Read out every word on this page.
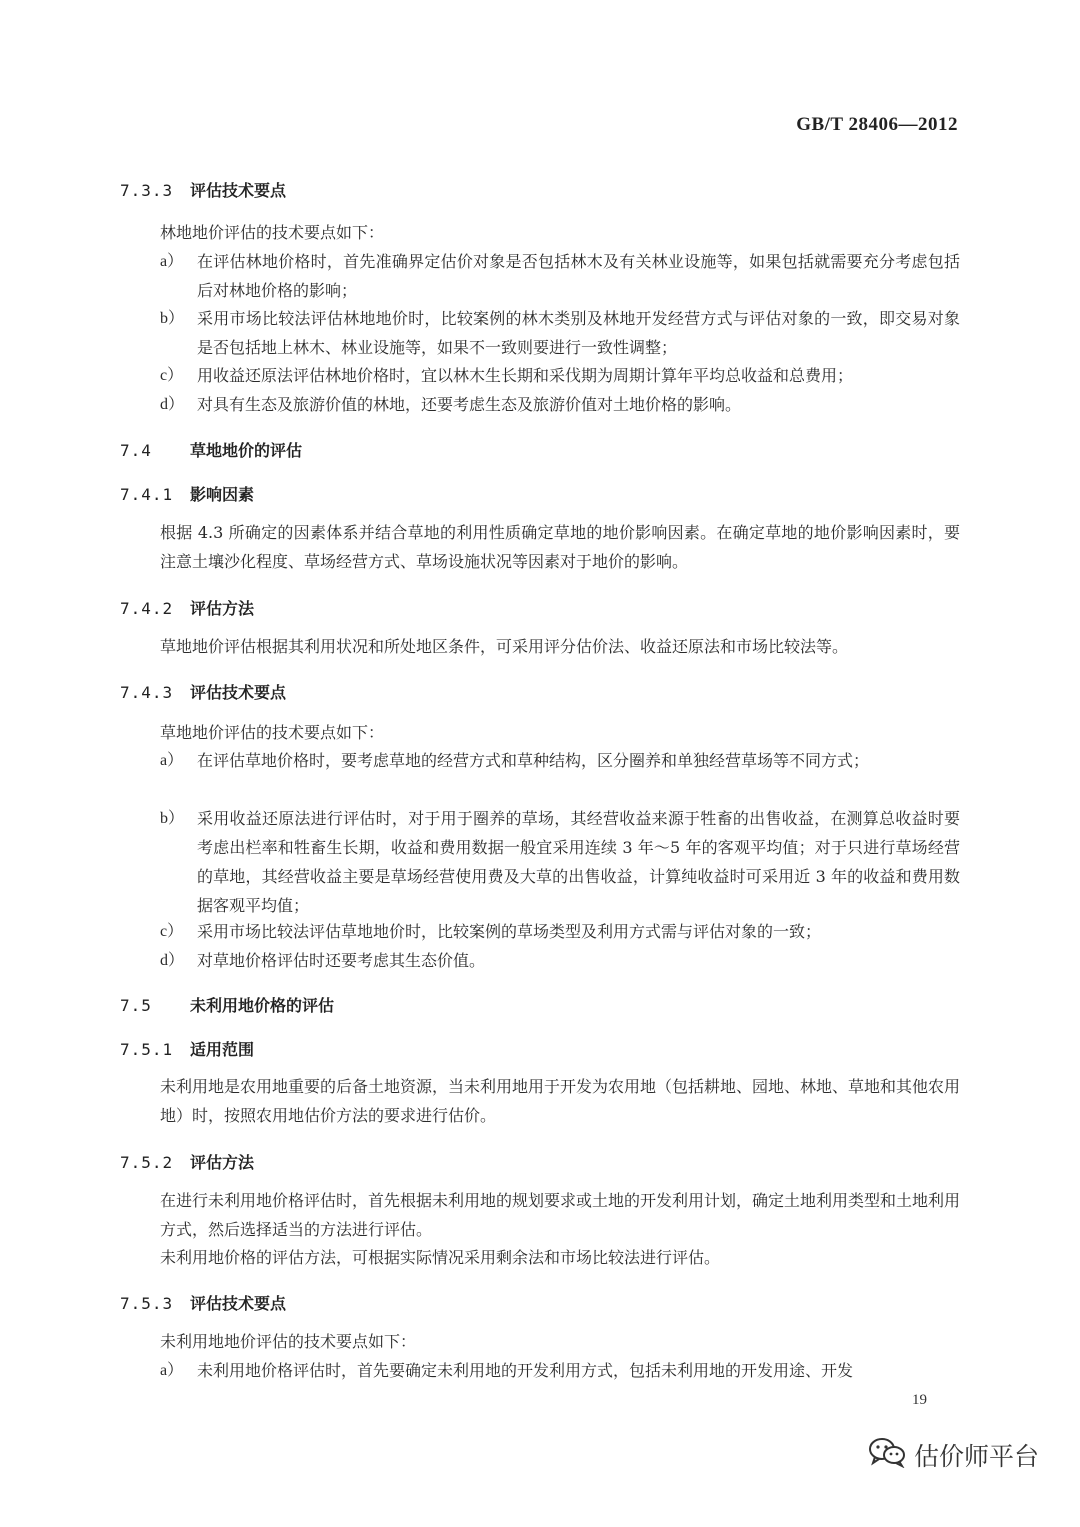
GB/T 28406—2012
7.3.3 评估技术要点
林地地价评估的技术要点如下：
a） 在评估林地价格时，首先准确界定估价对象是否包括林木及有关林业设施等，如果包括就需要充分考虑包括后对林地价格的影响；
b） 采用市场比较法评估林地地价时，比较案例的林木类别及林地开发经营方式与评估对象的一致，即交易对象是否包括地上林木、林业设施等，如果不一致则要进行一致性调整；
c） 用收益还原法评估林地价格时，宜以林木生长期和采伐期为周期计算年平均总收益和总费用；
d） 对具有生态及旅游价值的林地，还要考虑生态及旅游价值对土地价格的影响。
7.4 草地地价的评估
7.4.1 影响因素
根据 4.3 所确定的因素体系并结合草地的利用性质确定草地的地价影响因素。在确定草地的地价影响因素时，要注意土壤沙化程度、草场经营方式、草场设施状况等因素对于地价的影响。
7.4.2 评估方法
草地地价评估根据其利用状况和所处地区条件，可采用评分估价法、收益还原法和市场比较法等。
7.4.3 评估技术要点
草地地价评估的技术要点如下：
a） 在评估草地价格时，要考虑草地的经营方式和草种结构，区分圈养和单独经营草场等不同方式；
b） 采用收益还原法进行评估时，对于用于圈养的草场，其经营收益来源于牲畜的出售收益，在测算总收益时要考虑出栏率和牲畜生长期，收益和费用数据一般宜采用连续 3 年～5 年的客观平均值；对于只进行草场经营的草地，其经营收益主要是草场经营使用费及大草的出售收益，计算纯收益时可采用近 3 年的收益和费用数据客观平均值；
c） 采用市场比较法评估草地地价时，比较案例的草场类型及利用方式需与评估对象的一致；
d） 对草地价格评估时还要考虑其生态价值。
7.5 未利用地价格的评估
7.5.1 适用范围
未利用地是农用地重要的后备土地资源，当未利用地用于开发为农用地（包括耕地、园地、林地、草地和其他农用地）时，按照农用地估价方法的要求进行估价。
7.5.2 评估方法
在进行未利用地价格评估时，首先根据未利用地的规划要求或土地的开发利用计划，确定土地利用类型和土地利用方式，然后选择适当的方法进行评估。
未利用地价格的评估方法，可根据实际情况采用剩余法和市场比较法进行评估。
7.5.3 评估技术要点
未利用地地价评估的技术要点如下：
a） 未利用地价格评估时，首先要确定未利用地的开发利用方式，包括未利用地的开发用途、开发
19
估价师平台
